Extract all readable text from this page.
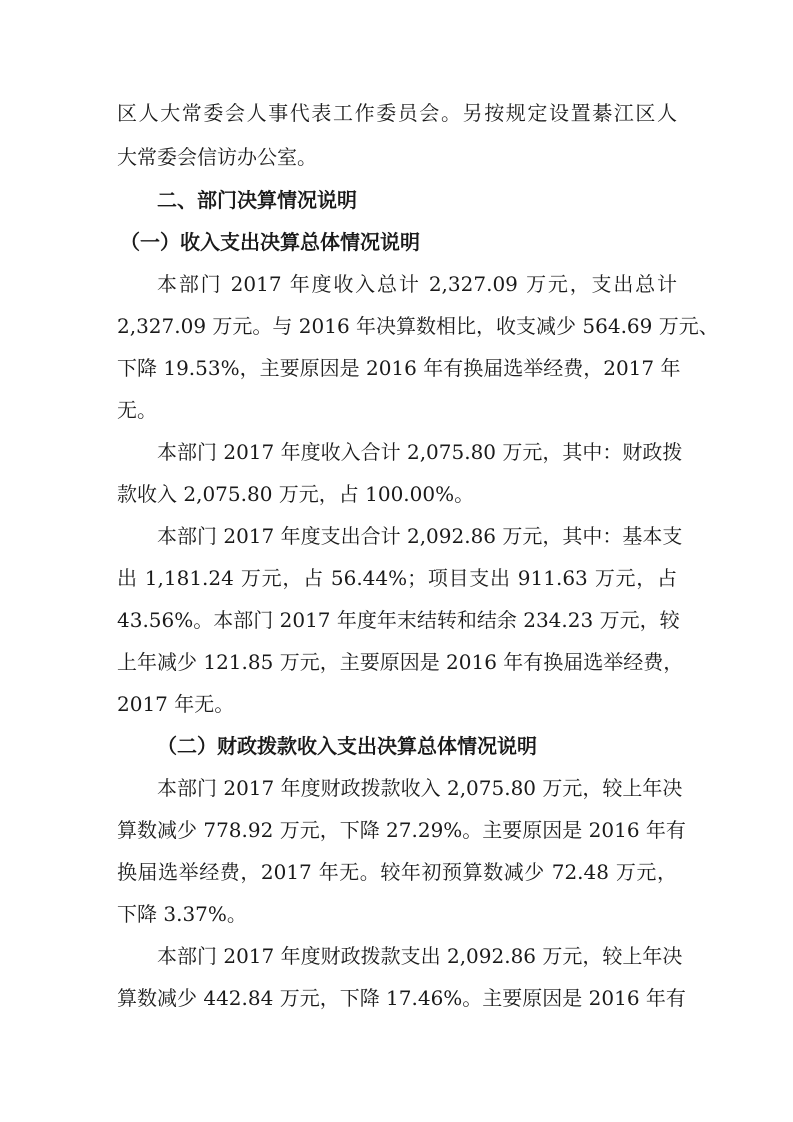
区人大常委会人事代表工作委员会。另按规定设置綦江区人
大常委会信访办公室。
二、部门决算情况说明
（一）收入支出决算总体情况说明
本部门 2017 年度收入总计 2,327.09 万元，支出总计
2,327.09 万元。与 2016 年决算数相比，收支减少 564.69 万元、
下降 19.53%，主要原因是 2016 年有换届选举经费，2017 年
无。
本部门 2017 年度收入合计 2,075.80 万元，其中：财政拨
款收入 2,075.80 万元，占 100.00%。
本部门 2017 年度支出合计 2,092.86 万元，其中：基本支
出 1,181.24 万元，占 56.44%；项目支出 911.63 万元，占
43.56%。本部门 2017 年度年末结转和结余 234.23 万元，较
上年减少 121.85 万元，主要原因是 2016 年有换届选举经费，
2017 年无。
（二）财政拨款收入支出决算总体情况说明
本部门 2017 年度财政拨款收入 2,075.80 万元，较上年决
算数减少 778.92 万元，下降 27.29%。主要原因是 2016 年有
换届选举经费，2017 年无。较年初预算数减少 72.48 万元，
下降 3.37%。
本部门 2017 年度财政拨款支出 2,092.86 万元，较上年决
算数减少 442.84 万元，下降 17.46%。主要原因是 2016 年有
